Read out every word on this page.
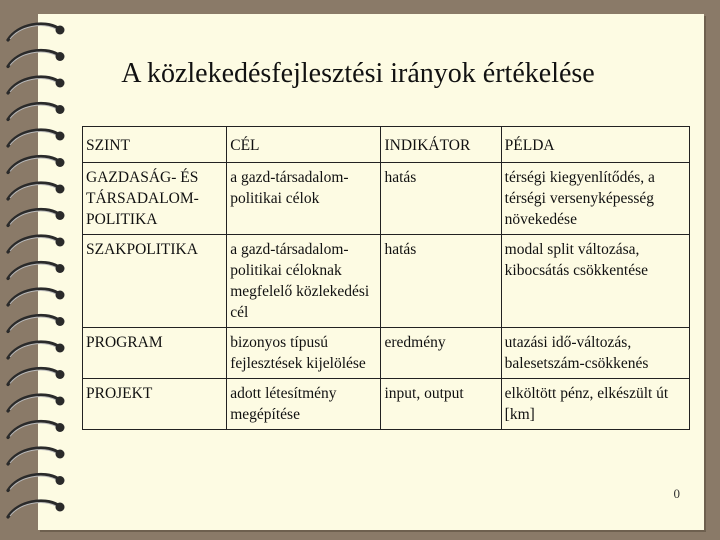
A közlekedésfejlesztési irányok értékelése
SZINT	CÉL	INDIKÁTOR	PÉLDA
GAZDASÁG- ÉS TÁRSADALOM-POLITIKA	a gazd-társadalom-politikai célok	hatás	térségi kiegyenlítődés, a térségi versenyképesség növekedése
SZAKPOLITIKA	a gazd-társadalom-politikai céloknak megfelelő közlekedési cél	hatás	modal split változása, kibocsátás csökkentése
PROGRAM	bizonyos típusú fejlesztések kijelölése	eredmény	utazási idő-változás, balesetszám-csökkenés
PROJEKT	adott létesítmény megépítése	input, output	elköltött pénz, elkészült út [km]
0
